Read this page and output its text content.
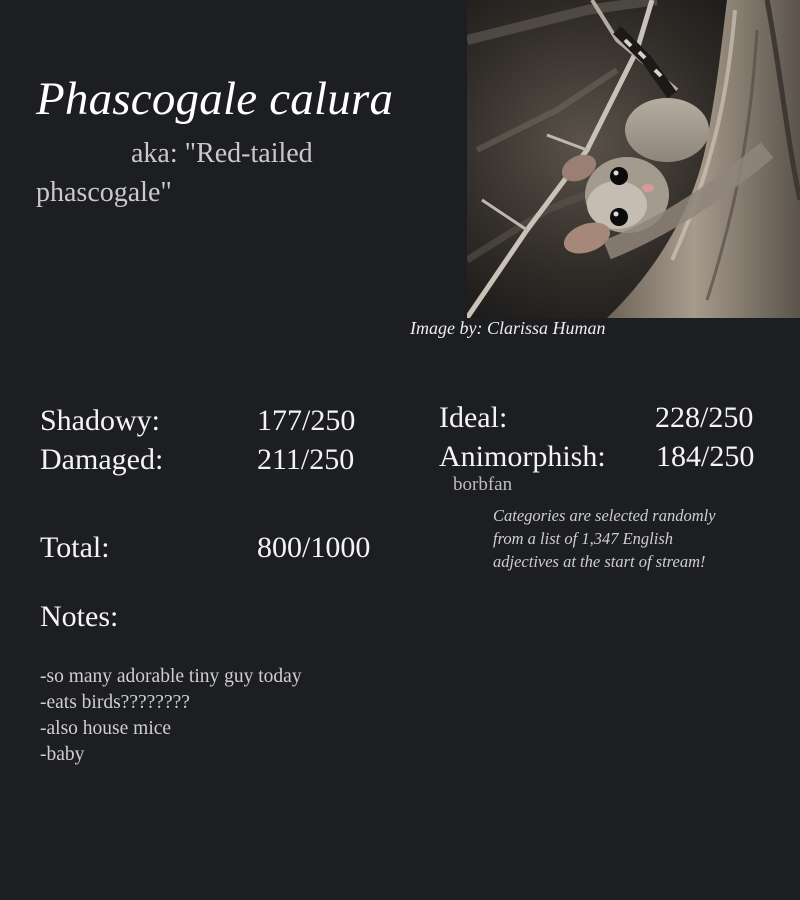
Phascogale calura
aka: "Red-tailed phascogale"
Image by: Clarissa Human
Shadowy:	177/250
Damaged:	211/250
Ideal:	228/250
Animorphish: 184/250
borbfan
Categories are selected randomly from a list of 1,347 English adjectives at the start of stream!
Total:	800/1000
Notes:
-so many adorable tiny guy today
-eats birds????????
-also house mice
-baby
